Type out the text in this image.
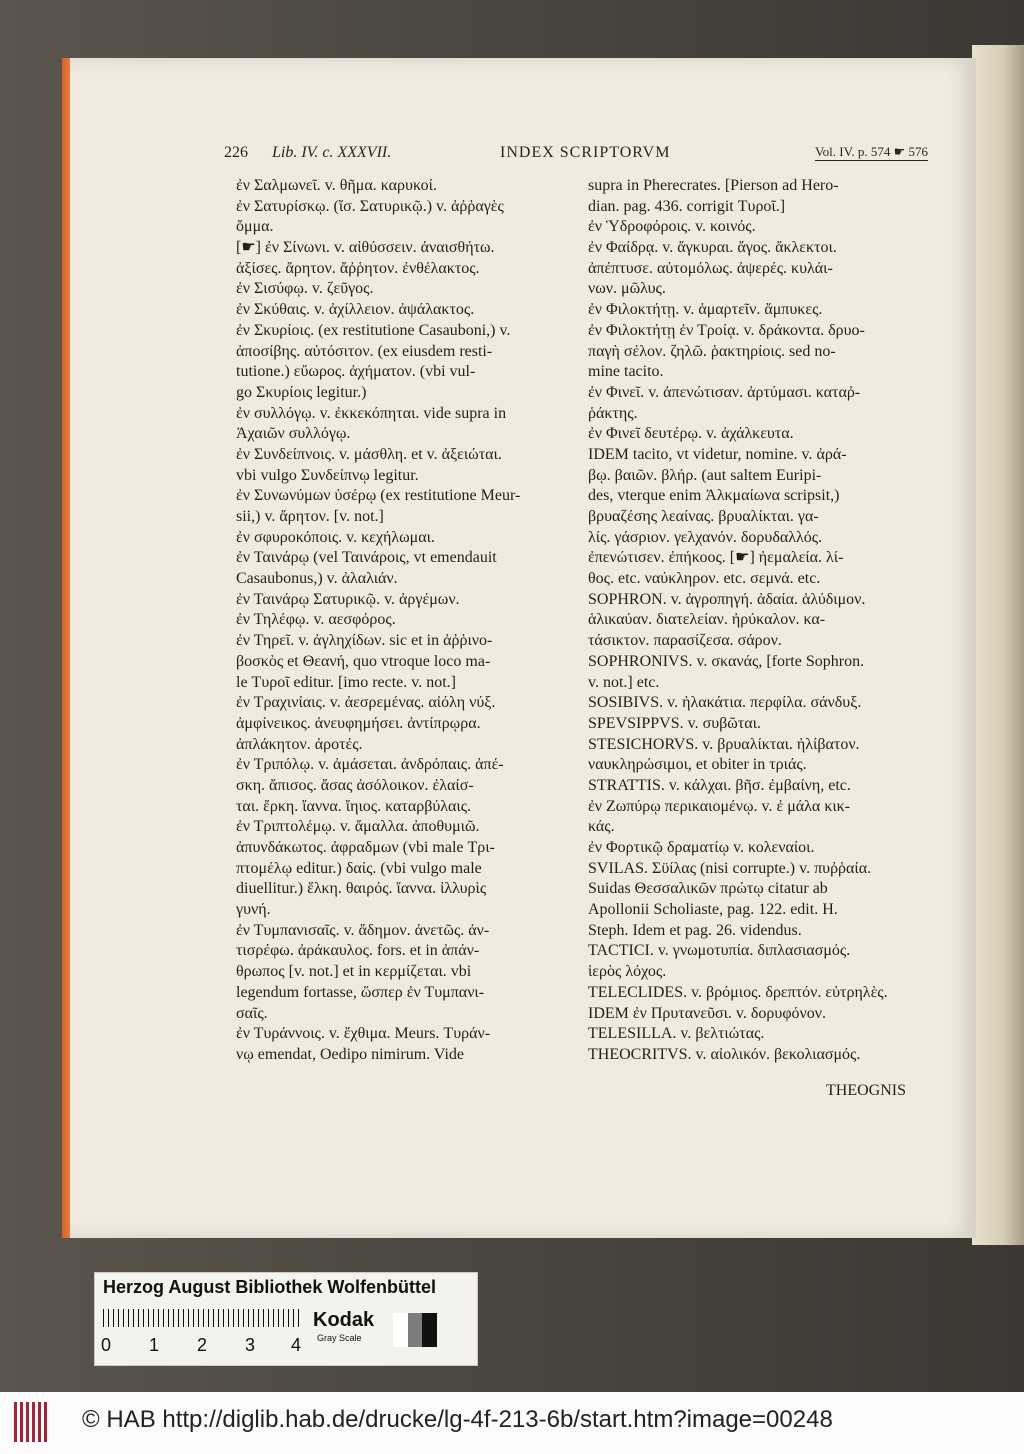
226 Lib. IV. c. XXXVII.	INDEX SCRIPTORVM	Vol. IV. p. 574 ☛ 576
ἐν Σαλμωνεῖ. v. θῆμα. καρυκοί.
ἐν Σατυρίσκῳ. (ἴσ. Σατυρικῷ.) v. ἀῤῥαγὲς
ὄμμα.
[☛] ἐν Σίνωνι. v. αἰθύσσειν. ἀναισθήτω.
ἀξίσες. ἄρητον. ἄῤῥητον. ἐνθέλακτος.
ἐν Σισύφῳ. v. ζεῦγος.
ἐν Σκύθαις. v. ἀχίλλειον. ἀψάλακτος.
ἐν Σκυρίοις. (ex restitutione Casauboni,) v.
ἀποσίβης. αὐτόσιτον. (ex eiusdem resti-
tutione.) εὔωρος. ἀχήματον. (vbi vul-
go Σκυρίοις legitur.)
ἐν συλλόγῳ. v. ἐκκεκόπηται. vide supra in
Ἀχαιῶν συλλόγῳ.
ἐν Συνδείπνοις. v. μάσθλη. et v. ἀξειώται.
vbi vulgo Συνδείπνῳ legitur.
ἐν Συνωνύμων ὑσέρῳ (ex restitutione Meur-
sii,) v. ἄρητον. [v. not.]
ἐν σφυροκόποις. v. κεχήλωμαι.
ἐν Ταινάρῳ (vel Ταινάροις, vt emendauit
Casaubonus,) v. ἀλαλιάν.
ἐν Ταινάρῳ Σατυρικῷ. v. ἀργέμων.
ἐν Τηλέφῳ. v. αεσφόρος.
ἐν Τηρεῖ. v. ἀγληχίδων. sic et in ἀῤῥινο-
βοσκὸς et Θεανή, quo vtroque loco ma-
le Τυροῖ editur. [imo recte. v. not.]
ἐν Τραχινίαις. v. ἀεσρεμένας. αἰόλη νύξ.
ἀμφίνεικος. ἀνευφημήσει. ἀντίπρῳρα.
ἀπλάκητον. ἀροτές.
ἐν Τριπόλῳ. v. ἀμάσεται. ἀνδρόπαις. ἀπέ-
σκη. ἄπισος. ἄσας ἀσόλοικον. ἐλαίσ-
ται. ἔρκη. ἴαννα. ἴηιος. καταρβύλαις.
ἐν Τριπτολέμῳ. v. ἄμαλλα. ἀποθυμιῶ.
ἀπυνδάκωτος. ἀφραδμων (vbi male Τρι-
πτομέλῳ editur.) δαίς. (vbi vulgo male
diuellitur.) ἕλκη. θαιρός. ἴαννα. ἰλλυρὶς
γυνή.
ἐν Τυμπανισαῖς. v. ἄδημον. ἀνετῶς. ἀν-
τισρέφω. ἀράκαυλος. fors. et in ἀπάν-
θρωπος [v. not.] et in κερμίζεται. vbi
legendum fortasse, ὥσπερ ἐν Τυμπανι-
σαῖς.
ἐν Τυράννοις. v. ἔχθιμα. Meurs. Τυράν-
νῳ emendat, Oedipo nimirum. Vide
supra in Pherecrates. [Pierson ad Hero-
dian. pag. 436. corrigit Τυροῖ.]
ἐν Ὑδροφόροις. v. κοινός.
ἐν Φαίδρᾳ. v. ἄγκυραι. ἄγος. ἄκλεκτοι.
ἀπέπτυσε. αὐτομόλως. ἀψερές. κυλάι-
νων. μῶλυς.
ἐν Φιλοκτήτῃ. v. ἁμαρτεῖν. ἄμπυκες.
ἐν Φιλοκτήτῃ ἐν Τροίᾳ. v. δράκοντα. δρυο-
παγὴ σέλον. ζηλῶ. ῥακτηρίοις. sed no-
mine tacito.
ἐν Φινεῖ. v. ἀπενώτισαν. ἀρτύμασι. καταῤ-
ῥάκτης.
ἐν Φινεῖ δευτέρῳ. v. ἀχάλκευτα.
IDEM tacito, vt videtur, nomine. v. ἀρά-
βῳ. βαιῶν. βλήρ. (aut saltem Euripi-
des, vterque enim Ἀλκμαίωνα scripsit,)
βρυαζέσης λεαίνας. βρυαλίκται. γα-
λίς. γάσριον. γελχανόν. δορυδαλλός.
ἐπενώτισεν. ἐπήκοος. [☛] ἠεμαλεία. λί-
θος. etc. ναύκληρον. etc. σεμνά. etc.
SOPHRON. v. ἀγροπηγή. ἀδαία. ἁλύδιμον.
ἁλικαύαν. διατελείαν. ἠρύκαλον. κα-
τάσικτον. παρασίζεσα. σάρον.
SOPHRONIVS. v. σκανάς, [forte Sophron.
v. not.] etc.
SOSIBIVS. v. ἠλακάτια. περφίλα. σάνδυξ.
SPEVSIPPVS. v. συβῶται.
STESICHORVS. v. βρυαλίκται. ἠλίβατον.
ναυκληρώσιμοι, et obiter in τριάς.
STRATTIS. v. κάλχαι. βῆσ. ἐμβαίνη, etc.
ἐν Ζωπύρῳ περικαιομένῳ. v. ἐ μάλα κικ-
κάς.
ἐν Φορτικῷ δραματίῳ v. κολεναίοι.
SVILAS. Σϋίλας (nisi corrupte.) v. πυῤῥαία.
Suidas Θεσσαλικῶν πρώτῳ citatur ab
Apollonii Scholiaste, pag. 122. edit. H.
Steph. Idem et pag. 26. videndus.
TACTICI. v. γνωμοτυπία. διπλασιασμός.
ἱερὸς λόχος.
TELECLIDES. v. βρόμιος. δρεπτόν. εὐτρηλὲς.
IDEM ἐν Πρυτανεῦσι. v. δορυφόνον.
TELESILLA. v. βελτιώτας.
THEOCRITVS. v. αἰολικόν. βεκολιασμός.
THEOGNIS
Herzog August Bibliothek Wolfenbüttel
0 1 2 3 4
Kodak
Gray Scale
© HAB http://diglib.hab.de/drucke/lg-4f-213-6b/start.htm?image=00248
